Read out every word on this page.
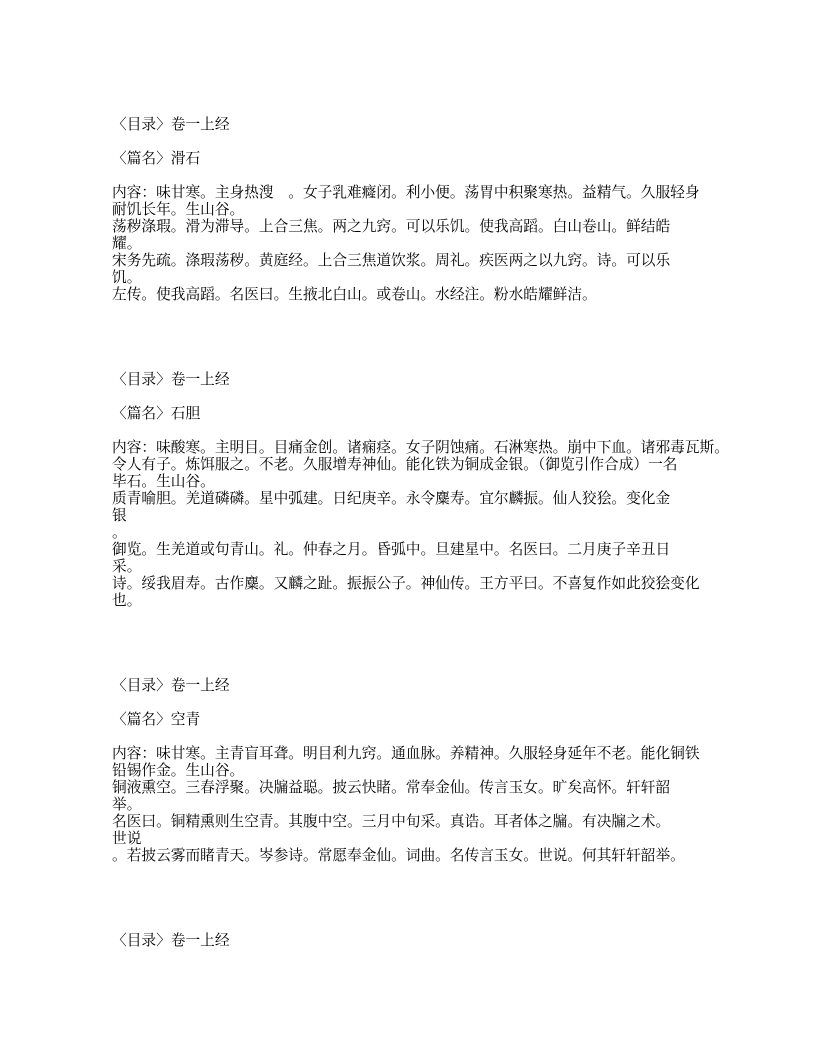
〈目录〉卷一上经
〈篇名〉滑石
内容：味甘寒。主身热溲　。女子乳难癃闭。利小便。荡胃中积聚寒热。益精气。久服轻身
耐饥长年。生山谷。
荡秽涤瑕。滑为滞导。上合三焦。两之九窍。可以乐饥。使我高蹈。白山卷山。鲜结皓
耀。
宋务先疏。涤瑕荡秽。黄庭经。上合三焦道饮浆。周礼。疾医两之以九窍。诗。可以乐
饥。
左传。使我高蹈。名医曰。生掖北白山。或卷山。水经注。粉水皓耀鲜洁。
〈目录〉卷一上经
〈篇名〉石胆
内容：味酸寒。主明目。目痛金创。诸痫痉。女子阴蚀痛。石淋寒热。崩中下血。诸邪毒瓦斯。
令人有子。炼饵服之。不老。久服增寿神仙。能化铁为铜成金银。（御览引作合成）一名
毕石。生山谷。
质青喻胆。羌道磷磷。星中弧建。日纪庚辛。永令麋寿。宜尔麟振。仙人狡狯。变化金
银
。
御览。生羌道或句青山。礼。仲春之月。昏弧中。旦建星中。名医曰。二月庚子辛丑日
采。
诗。绥我眉寿。古作麋。又麟之趾。振振公子。神仙传。王方平曰。不喜复作如此狡狯变化
也。
〈目录〉卷一上经
〈篇名〉空青
内容：味甘寒。主青盲耳聋。明目利九窍。通血脉。养精神。久服轻身延年不老。能化铜铁
铅锡作金。生山谷。
铜液熏空。三春浮聚。决牖益聪。披云快睹。常奉金仙。传言玉女。旷矣高怀。轩轩韶
举。
名医曰。铜精熏则生空青。其腹中空。三月中旬采。真诰。耳者体之牖。有决牖之术。
世说
。若披云雾而睹青天。岑参诗。常愿奉金仙。词曲。名传言玉女。世说。何其轩轩韶举。
〈目录〉卷一上经
